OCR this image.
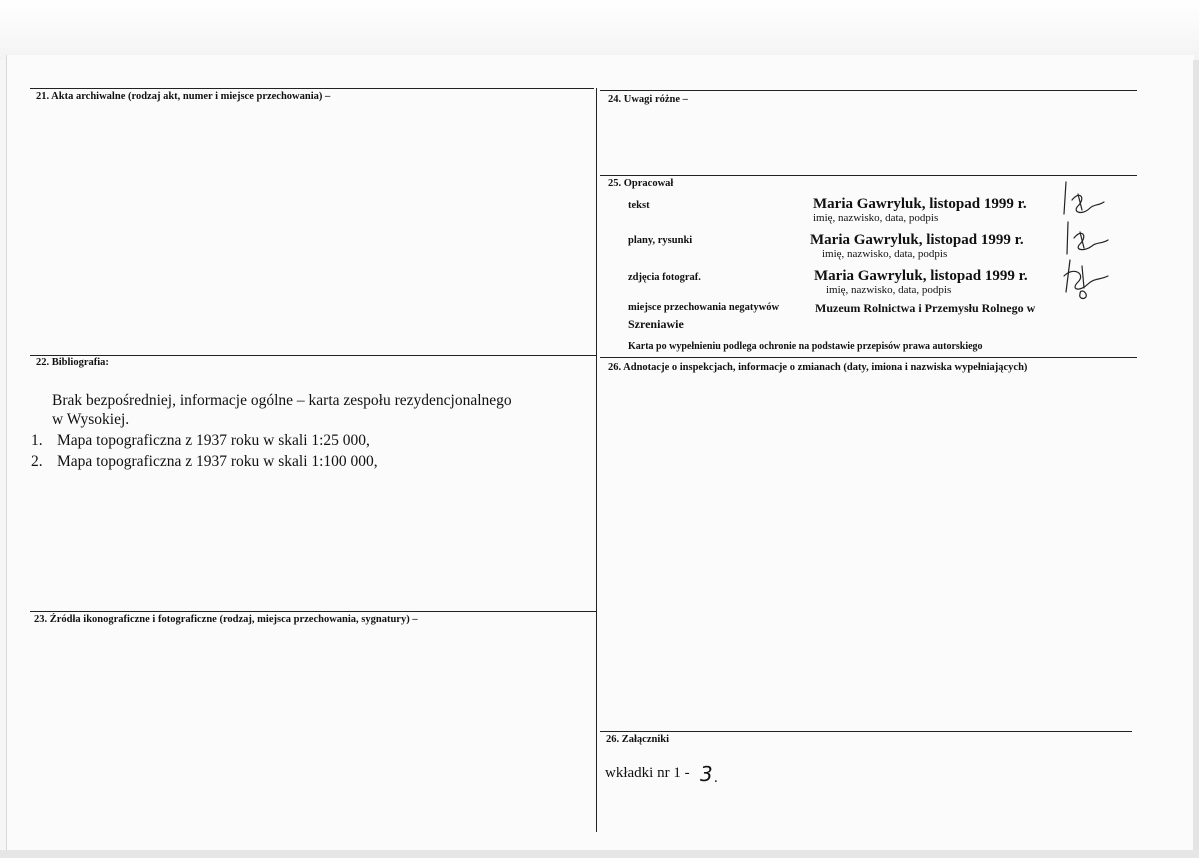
21. Akta archiwalne (rodzaj akt, numer i miejsce przechowania) –	24. Uwagi różne –
25. Opracował
tekst	Maria Gawryluk, listopad 1999 r.
imię, nazwisko, data, podpis
plany, rysunki	Maria Gawryluk, listopad 1999 r.
imię, nazwisko, data, podpis
zdjęcia fotograf.	Maria Gawryluk, listopad 1999 r.
imię, nazwisko, data, podpis
miejsce przechowania negatywów	Muzeum Rolnictwa i Przemysłu Rolnego w
Szreniawie
Karta po wypełnieniu podlega ochronie na podstawie przepisów prawa autorskiego
22. Bibliografia:
Brak bezpośredniej, informacje ogólne – karta zespołu rezydencjonalnego
w Wysokiej.
1. Mapa topograficzna z 1937 roku w skali 1:25 000,
2. Mapa topograficzna z 1937 roku w skali 1:100 000,
23. Źródła ikonograficzne i fotograficzne (rodzaj, miejsca przechowania, sygnatury) –
26. Adnotacje o inspekcjach, informacje o zmianach (daty, imiona i nazwiska wypełniających)
26. Załączniki
wkładki nr 1 - 3 .
